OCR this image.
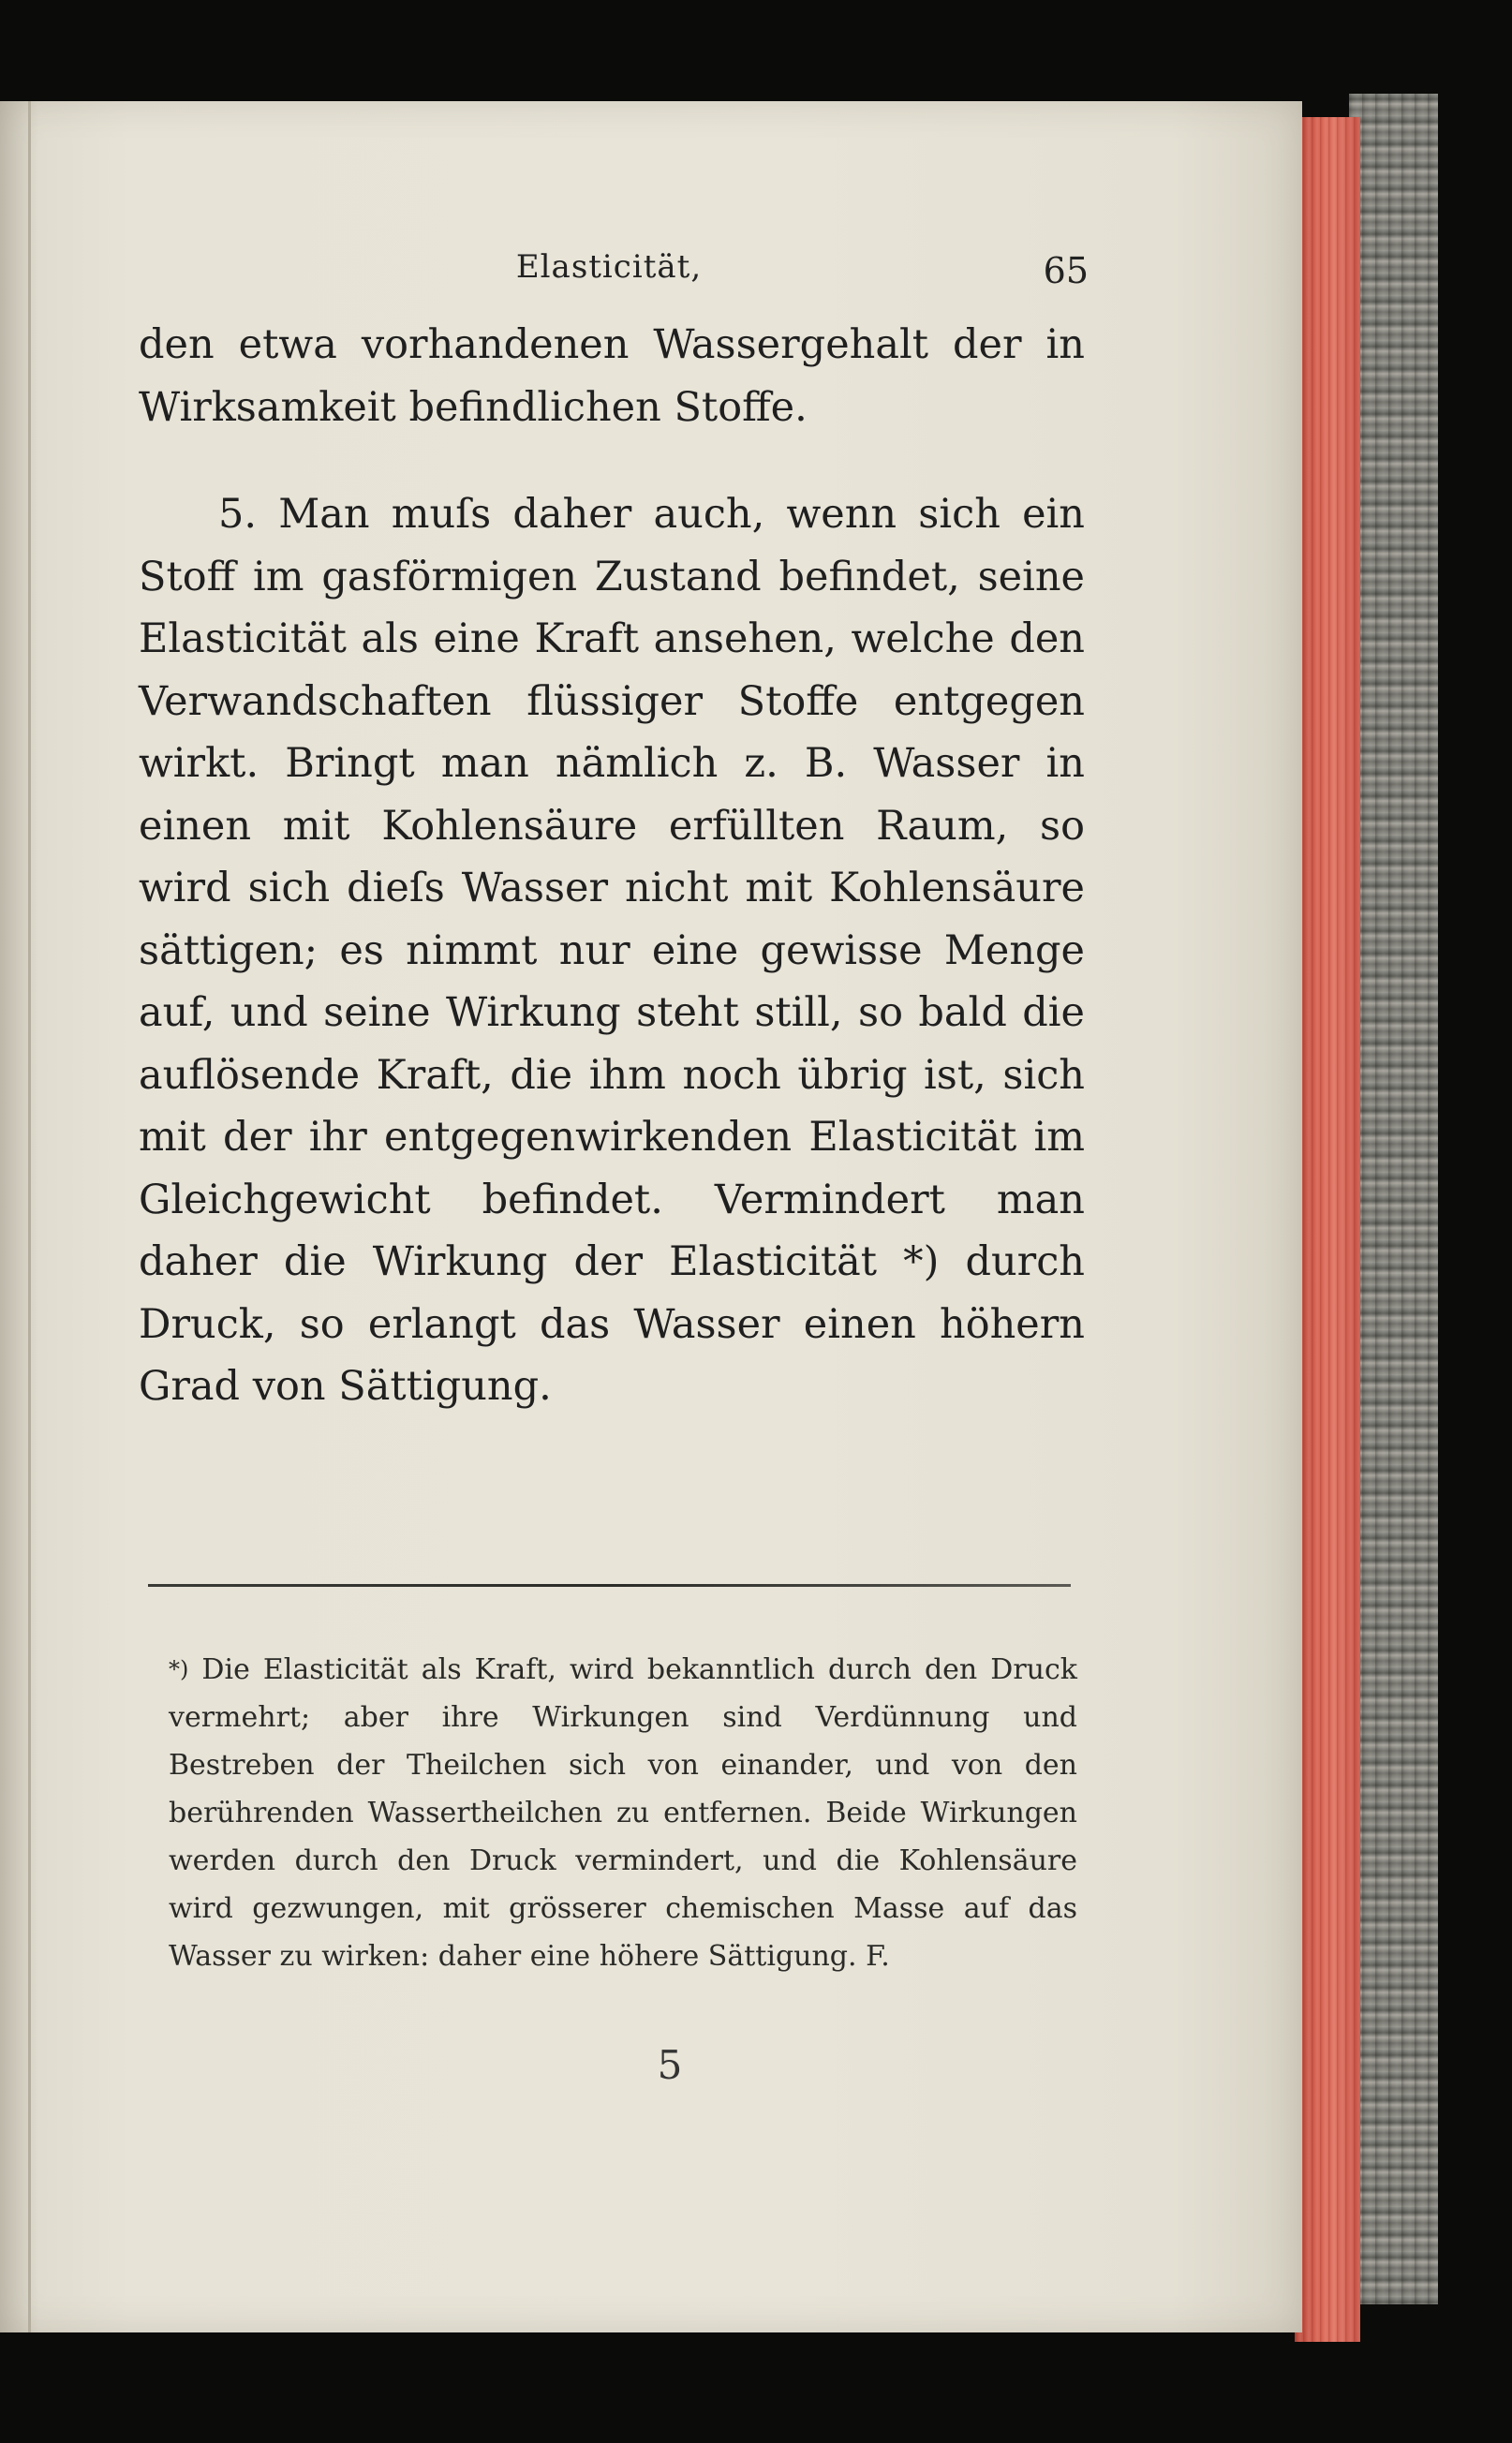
Elasticität,	65

den etwa vorhandenen Wassergehalt der in Wirksamkeit befindlichen Stoffe.

5. Man muſs daher auch, wenn sich ein Stoff im gasförmigen Zustand befindet, seine Elasticität als eine Kraft ansehen, welche den Verwandschaften flüssiger Stoffe entgegen wirkt. Bringt man nämlich z. B. Wasser in einen mit Kohlensäure erfüllten Raum, so wird sich dieſs Wasser nicht mit Kohlensäure sättigen; es nimmt nur eine gewisse Menge auf, und seine Wirkung steht still, so bald die auflösende Kraft, die ihm noch übrig ist, sich mit der ihr entgegenwirkenden Elasticität im Gleichgewicht befindet. Vermindert man daher die Wirkung der Elasticität *) durch Druck, so erlangt das Wasser einen höhern Grad von Sättigung.

*) Die Elasticität als Kraft, wird bekanntlich durch den Druck vermehrt; aber ihre Wirkungen sind Verdünnung und Bestreben der Theilchen sich von einander, und von den berührenden Wassertheilchen zu entfernen. Beide Wirkungen werden durch den Druck vermindert, und die Kohlensäure wird gezwungen, mit grösserer chemischen Masse auf das Wasser zu wirken: daher eine höhere Sättigung. F.

5
